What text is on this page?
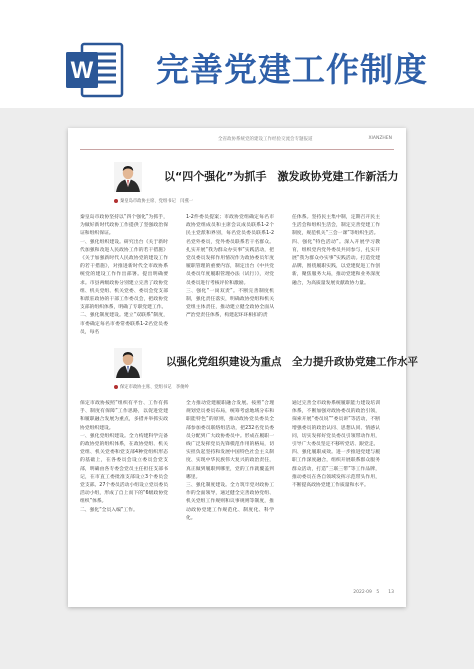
W 完善党建工作制度
全省政协系统党的建设工作经验交流会专题报道	XIANZHEN
以“四个强化”为抓手　激发政协党建工作新活力
秦皇岛市政协主席、党组书记　闫燕一

秦皇岛市政协坚持以“四个强化”为抓手，为做好新时代政协工作提供了坚强政治保证和组织保证。

一、强化组织建设。研究出台《关于新时代加强和改进人民政协工作的若干措施》《关于加强新时代人民政协党的建设工作的若干措施》，对推进新时代全市政协系统党的建设工作作出部署。提出明确要求。市县两级政协分别建立完善了政协党组、机关党组、机关党委、委员会党支部和派驻政协的干部工作委员会，把政协党支部的组织体系，明确了专职党建工作。

二、强化制度建设。建立“双联系”制度，市委确定每名市委常委联系1-2名党员委员，每名

1-2件委员提案；市政协党组确定每名市政协党组成员和主席会议成员联系1-2个民主党派和界别，每名党员委员联系1-2名党外委员，党外委员联系若干名群众。扎实开展“我为群众办实事”实践活动，把党员委员发挥作用情况作为政协委员年度履职管理的重要内容，制定出台《中共党员委员年度履职管理办法（试行）》，对党员委员进行考核评价和激励。

三、强化“一岗双责”。不断完善制度机制，强化责任落实，明确政协党组和机关党组主体责任，推动建立健全政协全面从严治党责任体系，构建起环环相扣的责

任体系。坚持民主集中制，定期召开民主生活会和组织生活会，制定完善党建工作制度，规范机关“三会一课”等组织生活。

四、强化“特色活动”。深入开展学习教育，组织党内党外委员共同参与，扎实开展“我为群众办实事”实践活动。打造党建品牌，围绕履职实践，以党建促进工作创新，聚焦服务大局，推动党建和业务深度融合，为高质量发展贡献政协力量。

以强化党组织建设为重点　全力提升政协党建工作水平
保定市政协主席、党组书记　李俊岭

保定市政协按照“组织有平台、工作有抓手、制度有保障”工作思路，以促进党建和履职融合发展为重点，多措并举抓实政协党组织建设。

一、强化党组织建设。全力构建科学完备的政协党的组织体系，在政协党组、机关党组、机关党委和党支部4种党组织形态的基础上，在各委员会设立委员会党支部，明确由各专委会党员主任担任支部书记，在市直工委批准支部设立3个委员会党支部。27个委员活动小组设立党员委员活动小组，形成了自上而下的“6级政协党组织”体系。

二、强化“全员入编”工作。

全力推动党建履职融合发展。按照“合理规划党员委员布局，统筹考虑地域分布和职能特色”的原则，推动政协党员委员全部参加委员联络组活动，把232名党员委员分配到广大政协委员中。形成在履职一线广泛发挥党员先锋模范作用的格局，切实担负起坚持和发展中国特色社会主义制度、实现中华民族伟大复兴的政治责任，真正做到履职到哪里，党的工作就覆盖到哪里。

三、强化制度建设。全力筑牢党对政协工作的全面领导，通过健全完善政协党组、机关党组工作规则和议事规则等制度，推动政协党建工作规范化、制度化、科学化。

通过完善全市政协系统履职能力建设培训体系，不断加强对政协委员的政治引领，探索开展“委员说”“委员讲”等活动，不断增强委员的政治认同、思想认同、情感认同，切实发挥好党员委员引领带动作用，引导广大委员坚定不移听党话、跟党走。

四、强化履职成效。进一步推进党建与履职工作深度融合，组织开展联系群众服务群众活动，打造“三联三带”等工作品牌，推动委员在各自领域发挥示范带头作用，不断提高政协党建工作质量和水平。

2022·09　5　　13
